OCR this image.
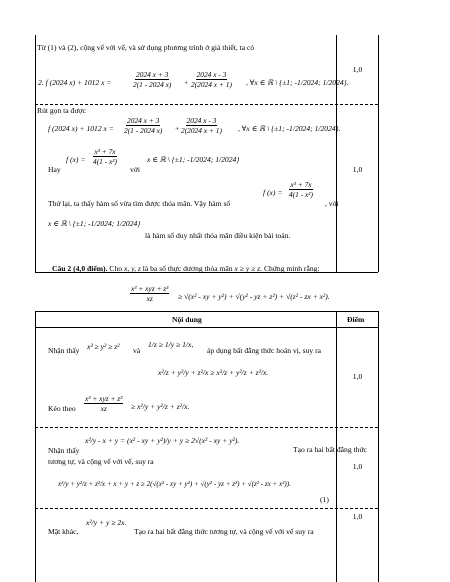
Từ (1) và (2), cộng vế với vế, và sử dụng phương trình ở giả thiết, ta có
2. f (2024 x) + 1012 x =	$\frac{2024 x + 3}{2(1 - 2024 x)} + \frac{2024 x - 3}{2(2024 x + 1)}$ , ∀x ∈ ℝ \ {±1; -1/2024; 1/2024}.
1,0
Rút gọn ta được
f (2024 x) + 1012 $x = \frac{2024 x + 3}{2(1 - 2024 x)} + \frac{2024 x - 3}{2(2024 x + 1)}$ , ∀x ∈ ℝ \ {±1; -1/2024; 1/2024}.
Hay
f $(x) = \frac{\text{x³ + 7x}}{\text{4(1 - x²)}}$
với
x ∈ ℝ \ {±1; -1/2024; 1/2024}
Thử lại, ta thấy hàm số vừa tìm được thỏa mãn. Vậy hàm số
f $(x) = \frac{\text{x³ + 7x}}{\text{4(1 - x²)}}$
, với
x ∈ ℝ \ {±1; -1/2024; 1/2024}
là hàm số duy nhất thỏa mãn điều kiện bài toán.
1,0
Câu 2 (4,0 điểm). Cho x, y, z là ba số thực dương thỏa mãn x ≥ y ≥ z. Chứng minh rằng:
x³ + xyz + z³
xz	≥ √(x² - xy + y²) + √(y² - yz + z²) + √(z² - zx + x²).
Nội dung	Điểm
Nhận thấy x³ ≥ y² ≥ z² và
1/z ≥ 1/y ≥ 1/x,
áp dụng bất đẳng thức hoán vị, suy ra
x²/z + y²/y + z²/x ≥ x²/z + y²/z + z²/x.
Kéo theo
x³ + xyz + z³
xz	≥ x²/y + y²/z + z²/x.
1,0
Nhận thấy
x²/y - x + y = (x² - xy + y²)/y + y ≥ 2√(x² - xy + y²).
Tạo ra hai bất đẳng thức
tương tự, và cộng vế với vế, suy ra
x²/y + y²/z + z²/x + x + y + z ≥ 2(√(x² - xy + y²) + √(y² - yz + z²) + √(z² - zx + x²)).
(1)
1,0
Mặt khác,
x²/y + y ≥ 2x.
Tạo ra hai bất đẳng thức tương tự, và cộng vế với vế suy ra
1,0
